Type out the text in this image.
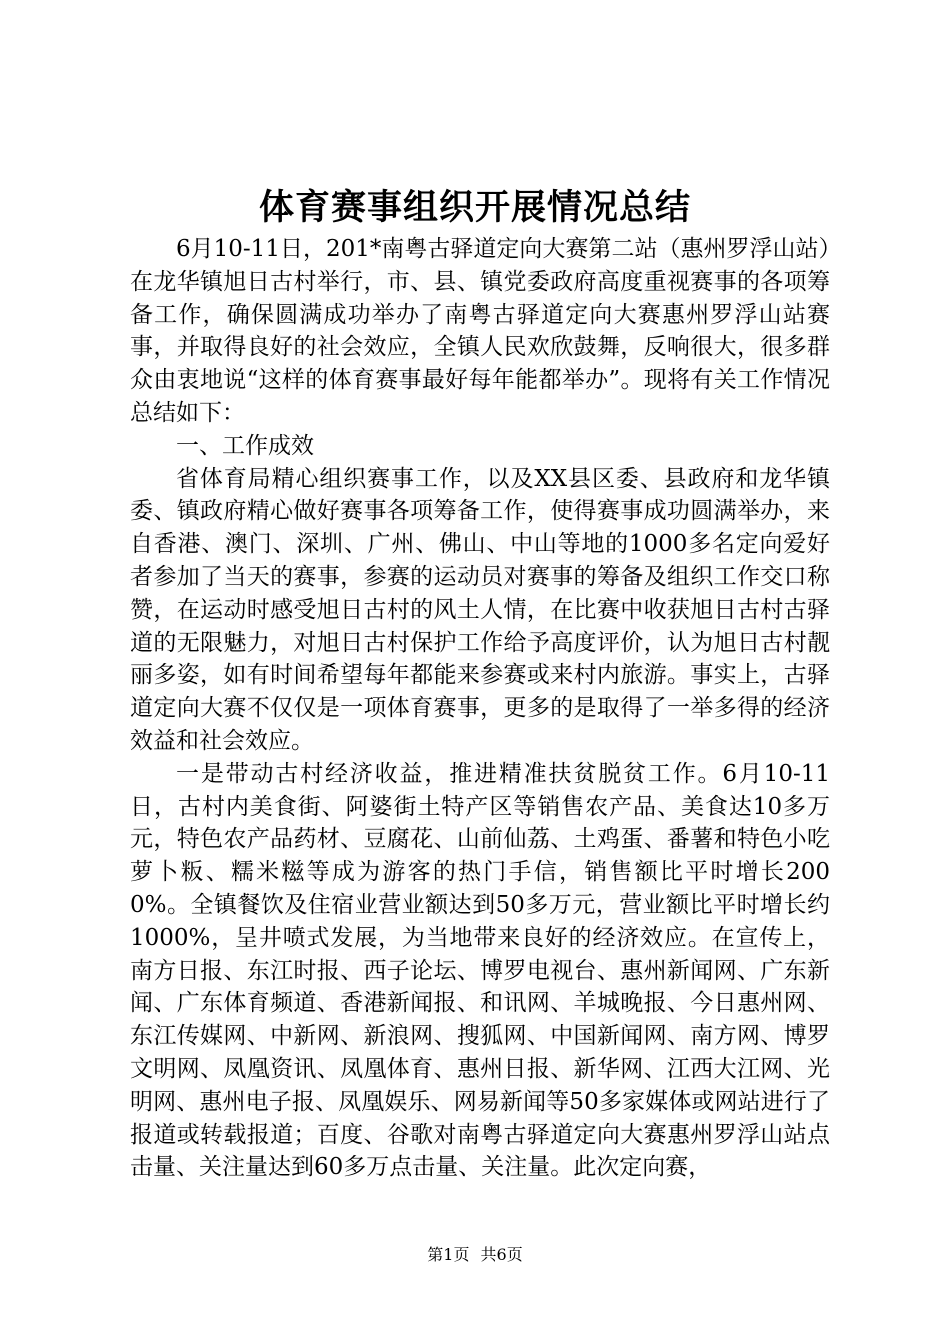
体育赛事组织开展情况总结

6月10-11日，201*南粤古驿道定向大赛第二站（惠州罗浮山站）在龙华镇旭日古村举行，市、县、镇党委政府高度重视赛事的各项筹备工作，确保圆满成功举办了南粤古驿道定向大赛惠州罗浮山站赛事，并取得良好的社会效应，全镇人民欢欣鼓舞，反响很大，很多群众由衷地说“这样的体育赛事最好每年能都举办”。现将有关工作情况总结如下：

一、工作成效

省体育局精心组织赛事工作，以及XX县区委、县政府和龙华镇委、镇政府精心做好赛事各项筹备工作，使得赛事成功圆满举办，来自香港、澳门、深圳、广州、佛山、中山等地的1000多名定向爱好者参加了当天的赛事，参赛的运动员对赛事的筹备及组织工作交口称赞，在运动时感受旭日古村的风土人情，在比赛中收获旭日古村古驿道的无限魅力，对旭日古村保护工作给予高度评价，认为旭日古村靓丽多姿，如有时间希望每年都能来参赛或来村内旅游。事实上，古驿道定向大赛不仅仅是一项体育赛事，更多的是取得了一举多得的经济效益和社会效应。

一是带动古村经济收益，推进精准扶贫脱贫工作。6月10-11日，古村内美食街、阿婆街土特产区等销售农产品、美食达10多万元，特色农产品药材、豆腐花、山前仙荔、土鸡蛋、番薯和特色小吃萝卜粄、糯米糍等成为游客的热门手信，销售额比平时增长2000%。全镇餐饮及住宿业营业额达到50多万元，营业额比平时增长约1000%，呈井喷式发展，为当地带来良好的经济效应。在宣传上，南方日报、东江时报、西子论坛、博罗电视台、惠州新闻网、广东新闻、广东体育频道、香港新闻报、和讯网、羊城晚报、今日惠州网、东江传媒网、中新网、新浪网、搜狐网、中国新闻网、南方网、博罗文明网、凤凰资讯、凤凰体育、惠州日报、新华网、江西大江网、光明网、惠州电子报、凤凰娱乐、网易新闻等50多家媒体或网站进行了报道或转载报道；百度、谷歌对南粤古驿道定向大赛惠州罗浮山站点击量、关注量达到60多万点击量、关注量。此次定向赛，

第1页 共6页
